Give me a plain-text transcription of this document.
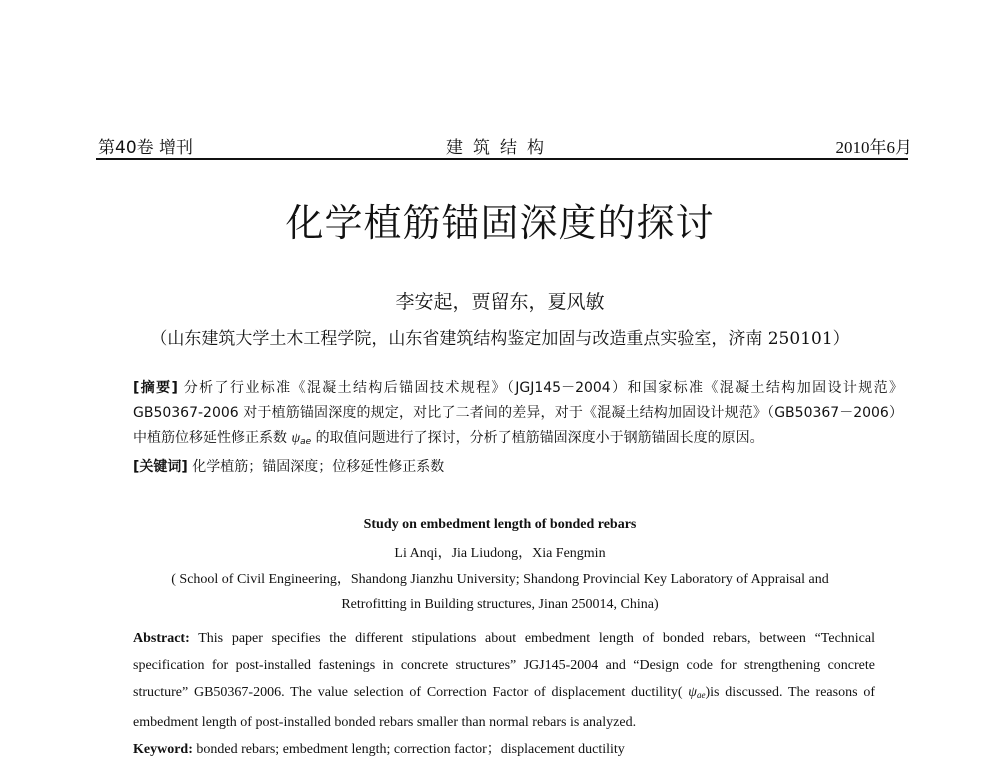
第40卷 增刊	建筑结构	2010年6月
化学植筋锚固深度的探讨
李安起，贾留东，夏风敏
（山东建筑大学土木工程学院，山东省建筑结构鉴定加固与改造重点实验室，济南 250101）

[摘要] 分析了行业标准《混凝土结构后锚固技术规程》（JGJ145－2004）和国家标准《混凝土结构加固设计规范》GB50367-2006 对于植筋锚固深度的规定，对比了二者间的差异，对于《混凝土结构加固设计规范》（GB50367－2006）中植筋位移延性修正系数 $\psi_{ae}$ 的取值问题进行了探讨，分析了植筋锚固深度小于钢筋锚固长度的原因。

[关键词] 化学植筋；锚固深度；位移延性修正系数

Study on embedment length of bonded rebars
Li Anqi，Jia Liudong，Xia Fengmin
( School of Civil Engineering，Shandong Jianzhu University; Shandong Provincial Key Laboratory of Appraisal and
Retrofitting in Building structures, Jinan 250014, China)

Abstract: This paper specifies the different stipulations about embedment length of bonded rebars, between “Technical specification for post-installed fastenings in concrete structures” JGJ145-2004 and “Design code for strengthening concrete structure” GB50367-2006. The value selection of Correction Factor of displacement ductility( $\psi_{ae})is$ discussed. The reasons of embedment length of post-installed bonded rebars smaller than normal rebars is analyzed.

Keyword: bonded rebars; embedment length; correction factor；displacement ductility
